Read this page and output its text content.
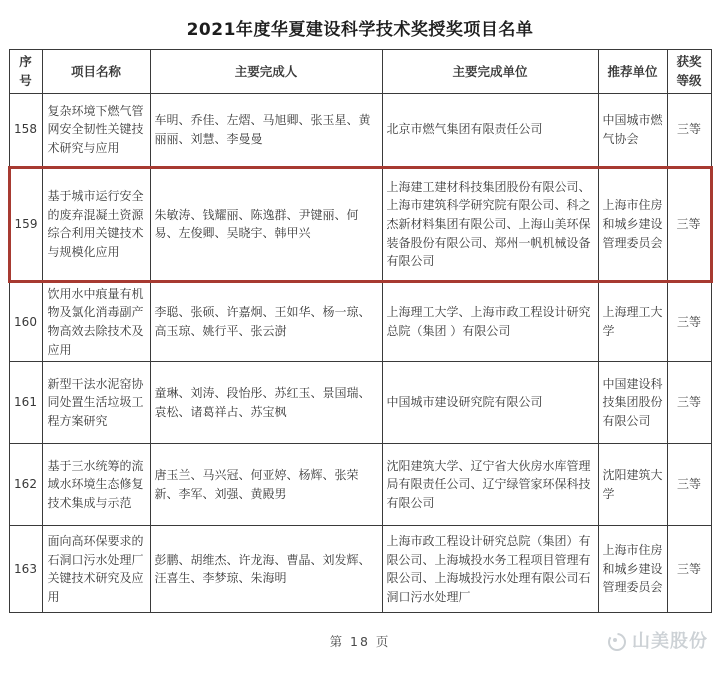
2021年度华夏建设科学技术奖授奖项目名单
序号	项目名称	主要完成人	主要完成单位	推荐单位	获奖等级
158	复杂环境下燃气管网安全韧性关键技术研究与应用	车明、乔佳、左熠、马旭卿、张玉星、黄丽丽、刘慧、李曼曼	北京市燃气集团有限责任公司	中国城市燃气协会	三等
159	基于城市运行安全的废弃混凝土资源综合利用关键技术与规模化应用	朱敏涛、钱耀丽、陈逸群、尹键丽、何易、左俊卿、吴晓宇、韩甲兴	上海建工建材科技集团股份有限公司、上海市建筑科学研究院有限公司、科之杰新材料集团有限公司、上海山美环保装备股份有限公司、郑州一帆机械设备有限公司	上海市住房和城乡建设管理委员会	三等
160	饮用水中痕量有机物及氯化消毒副产物高效去除技术及应用	李聪、张硕、许嘉炯、王如华、杨一琼、高玉琼、姚行平、张云澍	上海理工大学、上海市政工程设计研究总院（集团 ）有限公司	上海理工大学	三等
161	新型干法水泥窑协同处置生活垃圾工程方案研究	童琳、刘涛、段怡彤、苏红玉、景国瑞、袁松、诸葛祥占、苏宝枫	中国城市建设研究院有限公司	中国建设科技集团股份有限公司	三等
162	基于三水统筹的流域水环境生态修复技术集成与示范	唐玉兰、马兴冠、何亚婷、杨辉、张荣新、李军、刘强、黄殿男	沈阳建筑大学、辽宁省大伙房水库管理局有限责任公司、辽宁绿管家环保科技有限公司	沈阳建筑大学	三等
163	面向高环保要求的石洞口污水处理厂关键技术研究及应用	彭鹏、胡维杰、许龙海、曹晶、刘发辉、汪喜生、李梦琼、朱海明	上海市政工程设计研究总院（集团）有限公司、上海城投水务工程项目管理有限公司、上海城投污水处理有限公司石洞口污水处理厂	上海市住房和城乡建设管理委员会	三等
第 18 页	山美股份
